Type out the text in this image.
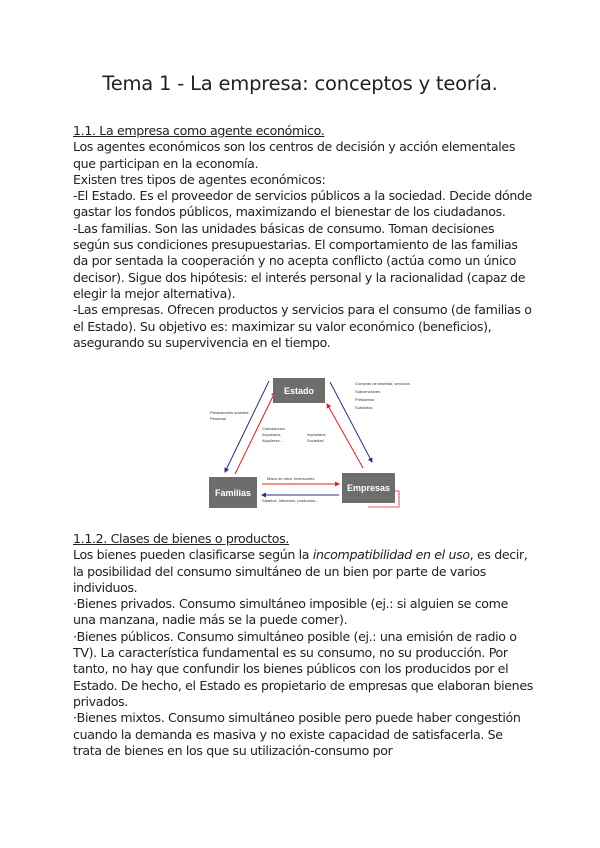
Tema 1 - La empresa: conceptos y teoría.

1.1. La empresa como agente económico.

Los agentes económicos son los centros de decisión y acción elementales que participan en la economía.

Existen tres tipos de agentes económicos:

-El Estado. Es el proveedor de servicios públicos a la sociedad. Decide dónde gastar los fondos públicos, maximizando el bienestar de los ciudadanos.

-Las familias. Son las unidades básicas de consumo. Toman decisiones según sus condiciones presupuestarias. El comportamiento de las familias da por sentada la cooperación y no acepta conflicto (actúa como un único decisor). Sigue dos hipótesis: el interés personal y la racionalidad (capaz de elegir la mejor alternativa).

-Las empresas. Ofrecen productos y servicios para el consumo (de familias o el Estado). Su objetivo es: maximizar su valor económico (beneficios), asegurando su supervivencia en el tiempo.

Estado
Familias	Empresas
Prestaciones sociales
Personal
Cotizaciones
Impuestos
Alquileres...
Impuestos
Sociedad
Compras de material, servicios
Subvenciones
Préstamos
Subsidios
Mano de obra, Inversiones
Salarios, Intereses, productos...

1.1.2. Clases de bienes o productos.

Los bienes pueden clasificarse según la incompatibilidad en el uso, es decir, la posibilidad del consumo simultáneo de un bien por parte de varios individuos.

·Bienes privados. Consumo simultáneo imposible (ej.: si alguien se come una manzana, nadie más se la puede comer).

·Bienes públicos. Consumo simultáneo posible (ej.: una emisión de radio o TV). La característica fundamental es su consumo, no su producción. Por tanto, no hay que confundir los bienes públicos con los producidos por el Estado. De hecho, el Estado es propietario de empresas que elaboran bienes privados.

·Bienes mixtos. Consumo simultáneo posible pero puede haber congestión cuando la demanda es masiva y no existe capacidad de satisfacerla. Se trata de bienes en los que su utilización-consumo por
